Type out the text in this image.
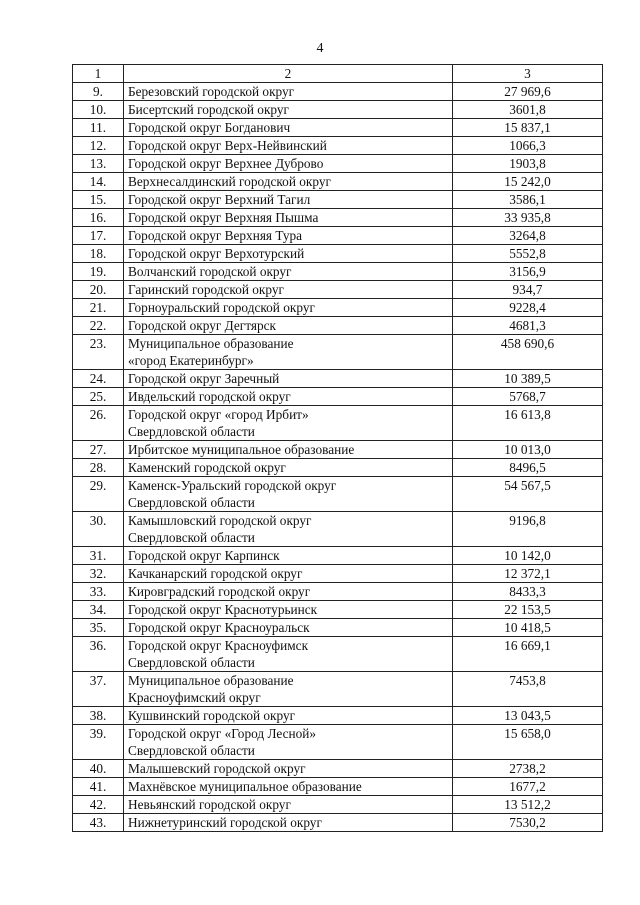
4
1	2	3
9.	Березовский городской округ	27 969,6
10.	Бисертский городской округ	3601,8
11.	Городской округ Богданович	15 837,1
12.	Городской округ Верх-Нейвинский	1066,3
13.	Городской округ Верхнее Дуброво	1903,8
14.	Верхнесалдинский городской округ	15 242,0
15.	Городской округ Верхний Тагил	3586,1
16.	Городской округ Верхняя Пышма	33 935,8
17.	Городской округ Верхняя Тура	3264,8
18.	Городской округ Верхотурский	5552,8
19.	Волчанский городской округ	3156,9
20.	Гаринский городской округ	934,7
21.	Горноуральский городской округ	9228,4
22.	Городской округ Дегтярск	4681,3
23.	Муниципальное образование
«город Екатеринбург»	458 690,6
24.	Городской округ Заречный	10 389,5
25.	Ивдельский городской округ	5768,7
26.	Городской округ «город Ирбит»
Свердловской области	16 613,8
27.	Ирбитское муниципальное образование	10 013,0
28.	Каменский городской округ	8496,5
29.	Каменск-Уральский городской округ
Свердловской области	54 567,5
30.	Камышловский городской округ
Свердловской области	9196,8
31.	Городской округ Карпинск	10 142,0
32.	Качканарский городской округ	12 372,1
33.	Кировградский городской округ	8433,3
34.	Городской округ Краснотурьинск	22 153,5
35.	Городской округ Красноуральск	10 418,5
36.	Городской округ Красноуфимск
Свердловской области	16 669,1
37.	Муниципальное образование
Красноуфимский округ	7453,8
38.	Кушвинский городской округ	13 043,5
39.	Городской округ «Город Лесной»
Свердловской области	15 658,0
40.	Малышевский городской округ	2738,2
41.	Махнёвское муниципальное образование	1677,2
42.	Невьянский городской округ	13 512,2
43.	Нижнетуринский городской округ	7530,2
